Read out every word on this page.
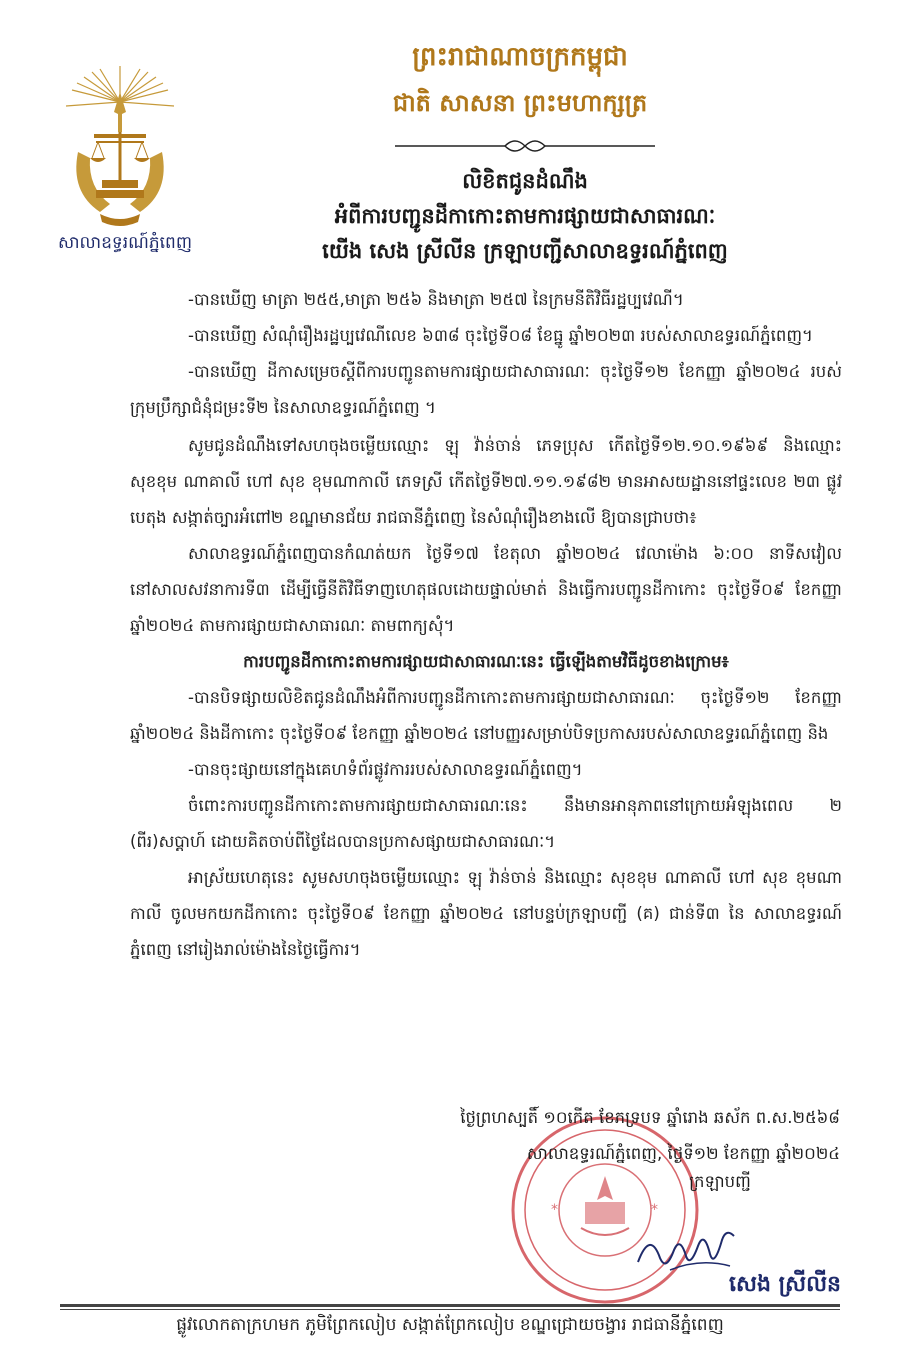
សាលាឧទ្ធរណ៍ភ្នំពេញ
ព្រះរាជាណាចក្រកម្ពុជា
ជាតិ សាសនា ព្រះមហាក្សត្រ
លិខិតជូនដំណឹង
អំពីការបញ្ជូនដីកាកោះតាមការផ្សាយជាសាធារណៈ
យើង សេង ស្រីលីន ក្រឡាបញ្ជីសាលាឧទ្ធរណ៍ភ្នំពេញ

-បានឃើញ មាត្រា ២៥៥,មាត្រា ២៥៦ និងមាត្រា ២៥៧ នៃក្រមនីតិវិធីរដ្ឋប្បវេណី។

-បានឃើញ សំណុំរឿងរដ្ឋប្បវេណីលេខ ៦៣៨ ចុះថ្ងៃទី០៨ ខែធ្នូ ឆ្នាំ២០២៣ របស់សាលាឧទ្ធរណ៍ភ្នំពេញ។

-បានឃើញ ដីកាសម្រេចស្តីពីការបញ្ជូនតាមការផ្សាយជាសាធារណៈ ចុះថ្ងៃទី១២ ខែកញ្ញា ឆ្នាំ២០២៤ របស់ក្រុមប្រឹក្សាជំនុំជម្រះទី២ នៃសាលាឧទ្ធរណ៍ភ្នំពេញ ។

សូមជូនដំណឹងទៅសហចុងចម្លើយឈ្មោះ ឡុ វ៉ាន់ចាន់ ភេទប្រុស កើតថ្ងៃទី១២.១០.១៩៦៩ និងឈ្មោះ សុខខុម ណាគាលី ហៅ សុខ ខុមណាកាលី ភេទស្រី កើតថ្ងៃទី២៧.១១.១៩៨២ មានអាសយដ្ឋាននៅផ្ទះលេខ ២៣ ផ្លូវបេតុង សង្កាត់ច្បារអំពៅ២ ខណ្ឌមានជ័យ រាជធានីភ្នំពេញ នៃសំណុំរឿងខាងលើ ឱ្យបានជ្រាបថា៖

សាលាឧទ្ធរណ៍ភ្នំពេញបានកំណត់យក ថ្ងៃទី១៧ ខែតុលា ឆ្នាំ២០២៤ វេលាម៉ោង ៦:០០ នាទីសវៀល នៅសាលសវនាការទី៣ ដើម្បីធ្វើនីតិវិធីទាញហេតុផលដោយផ្ទាល់មាត់ និងធ្វើការបញ្ជូនដីកាកោះ ចុះថ្ងៃទី០៩ ខែកញ្ញា ឆ្នាំ២០២៤ តាមការផ្សាយជាសាធារណៈ តាមពាក្យសុំ។

ការបញ្ជូនដីកាកោះតាមការផ្សាយជាសាធារណៈនេះ ធ្វើឡើងតាមវិធីដូចខាងក្រោម៖

-បានបិទផ្សាយលិខិតជូនដំណឹងអំពីការបញ្ជូនដីកាកោះតាមការផ្សាយជាសាធារណៈ ចុះថ្ងៃទី១២ ខែកញ្ញា ឆ្នាំ២០២៤ និងដីកាកោះ ចុះថ្ងៃទី០៩ ខែកញ្ញា ឆ្នាំ២០២៤ នៅបញ្ញរសម្រាប់បិទប្រកាសរបស់សាលាឧទ្ធរណ៍ភ្នំពេញ និង

-បានចុះផ្សាយនៅក្នុងគេហទំព័រផ្លូវការរបស់សាលាឧទ្ធរណ៍ភ្នំពេញ។

ចំពោះការបញ្ជូនដីកាកោះតាមការផ្សាយជាសាធារណៈនេះ នឹងមានអានុភាពនៅក្រោយអំឡុងពេល ២ (ពីរ)សប្តាហ៍ ដោយគិតចាប់ពីថ្ងៃដែលបានប្រកាសផ្សាយជាសាធារណៈ។

អាស្រ័យហេតុនេះ សូមសហចុងចម្លើយឈ្មោះ ឡុ វ៉ាន់ចាន់ និងឈ្មោះ សុខខុម ណាគាលី ហៅ សុខ ខុមណាកាលី ចូលមកយកដីកាកោះ ចុះថ្ងៃទី០៩ ខែកញ្ញា ឆ្នាំ២០២៤ នៅបន្ទប់ក្រឡាបញ្ជី (គ) ជាន់ទី៣ នៃ សាលាឧទ្ធរណ៍ភ្នំពេញ នៅរៀងរាល់ម៉ោងនៃថ្ងៃធ្វើការ។

*	*
ថ្ងៃព្រហស្បតិ៍ ១០កើត ខែភទ្របទ ឆ្នាំរោង ឆស័ក ព.ស.២៥៦៨
សាលាឧទ្ធរណ៍ភ្នំពេញ, ថ្ងៃទី១២ ខែកញ្ញា ឆ្នាំ២០២៤
ក្រឡាបញ្ជី
សេង ស្រីលីន
ផ្លូវលោកតាក្រហមក ភូមិព្រែកលៀប សង្កាត់ព្រែកលៀប ខណ្ឌជ្រោយចង្វារ រាជធានីភ្នំពេញ
